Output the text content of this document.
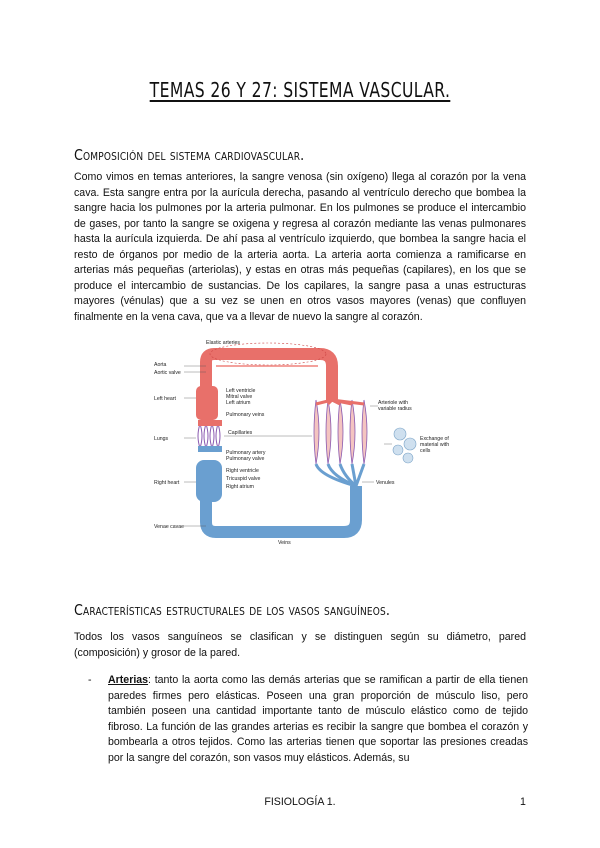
TEMAS 26 Y 27: SISTEMA VASCULAR.
Composición del sistema cardiovascular.
Como vimos en temas anteriores, la sangre venosa (sin oxígeno) llega al corazón por la vena cava. Esta sangre entra por la aurícula derecha, pasando al ventrículo derecho que bombea la sangre hacia los pulmones por la arteria pulmonar. En los pulmones se produce el intercambio de gases, por tanto la sangre se oxigena y regresa al corazón mediante las venas pulmonares hasta la aurícula izquierda. De ahí pasa al ventrículo izquierdo, que bombea la sangre hacia el resto de órganos por medio de la arteria aorta. La arteria aorta comienza a ramificarse en arterias más pequeñas (arteriolas), y estas en otras más pequeñas (capilares), en los que se produce el intercambio de sustancias. De los capilares, la sangre pasa a unas estructuras mayores (vénulas) que a su vez se unen en otros vasos mayores (venas) que confluyen finalmente en la vena cava, que va a llevar de nuevo la sangre al corazón.
Elastic arteries
Aorta
Aortic valve
Left heart
Left ventricle
Mitral valve
Left atrium
Pulmonary veins
Lungs
Capillaries
Pulmonary artery
Pulmonary valve
Right heart
Right ventricle
Tricuspid valve
Right atrium
Venae cavae
Veins
Arteriole with
variable radius
Exchange of
material with
cells
Venules
Características estructurales de los vasos sanguíneos.
Todos los vasos sanguíneos se clasifican y se distinguen según su diámetro, pared (composición) y grosor de la pared.
- Arterias: tanto la aorta como las demás arterias que se ramifican a partir de ella tienen paredes firmes pero elásticas. Poseen una gran proporción de músculo liso, pero también poseen una cantidad importante tanto de músculo elástico como de tejido fibroso. La función de las grandes arterias es recibir la sangre que bombea el corazón y bombearla a otros tejidos. Como las arterias tienen que soportar las presiones creadas por la sangre del corazón, son vasos muy elásticos. Además, su
FISIOLOGÍA 1.	1
